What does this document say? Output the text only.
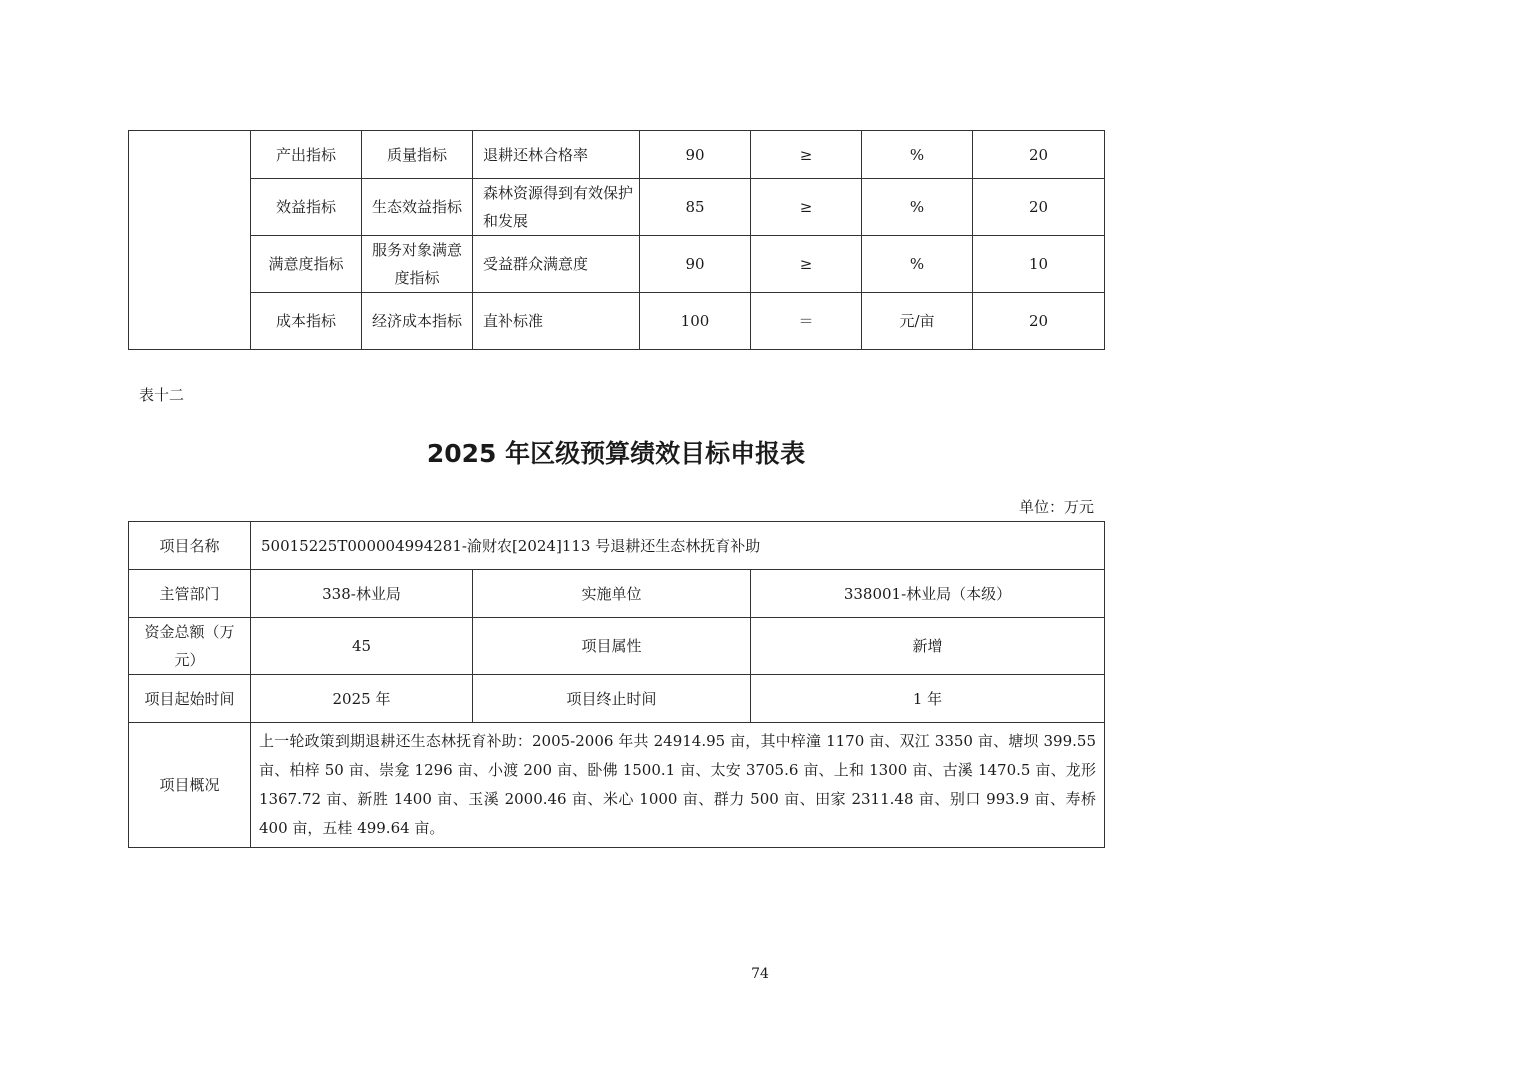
	产出指标	质量指标	退耕还林合格率	90	≥	%	20
	效益指标	生态效益指标	森林资源得到有效保护和发展	85	≥	%	20
	满意度指标	服务对象满意度指标	受益群众满意度	90	≥	%	10
	成本指标	经济成本指标	直补标准	100	＝	元/亩	20
表十二
2025 年区级预算绩效目标申报表
单位：万元
项目名称	50015225T000004994281-渝财农[2024]113 号退耕还生态林抚育补助		
主管部门	338-林业局	实施单位	338001-林业局（本级）
资金总额（万元）	45	项目属性	新增
项目起始时间	2025 年	项目终止时间	1 年
项目概况	上一轮政策到期退耕还生态林抚育补助：2005-2006 年共 24914.95 亩，其中梓潼 1170 亩、双江 3350 亩、塘坝 399.55 亩、柏梓 50 亩、崇龛 1296 亩、小渡 200 亩、卧佛 1500.1 亩、太安 3705.6 亩、上和 1300 亩、古溪 1470.5 亩、龙形 1367.72 亩、新胜 1400 亩、玉溪 2000.46 亩、米心 1000 亩、群力 500 亩、田家 2311.48 亩、别口 993.9 亩、寿桥 400 亩，五桂 499.64 亩。		
74
